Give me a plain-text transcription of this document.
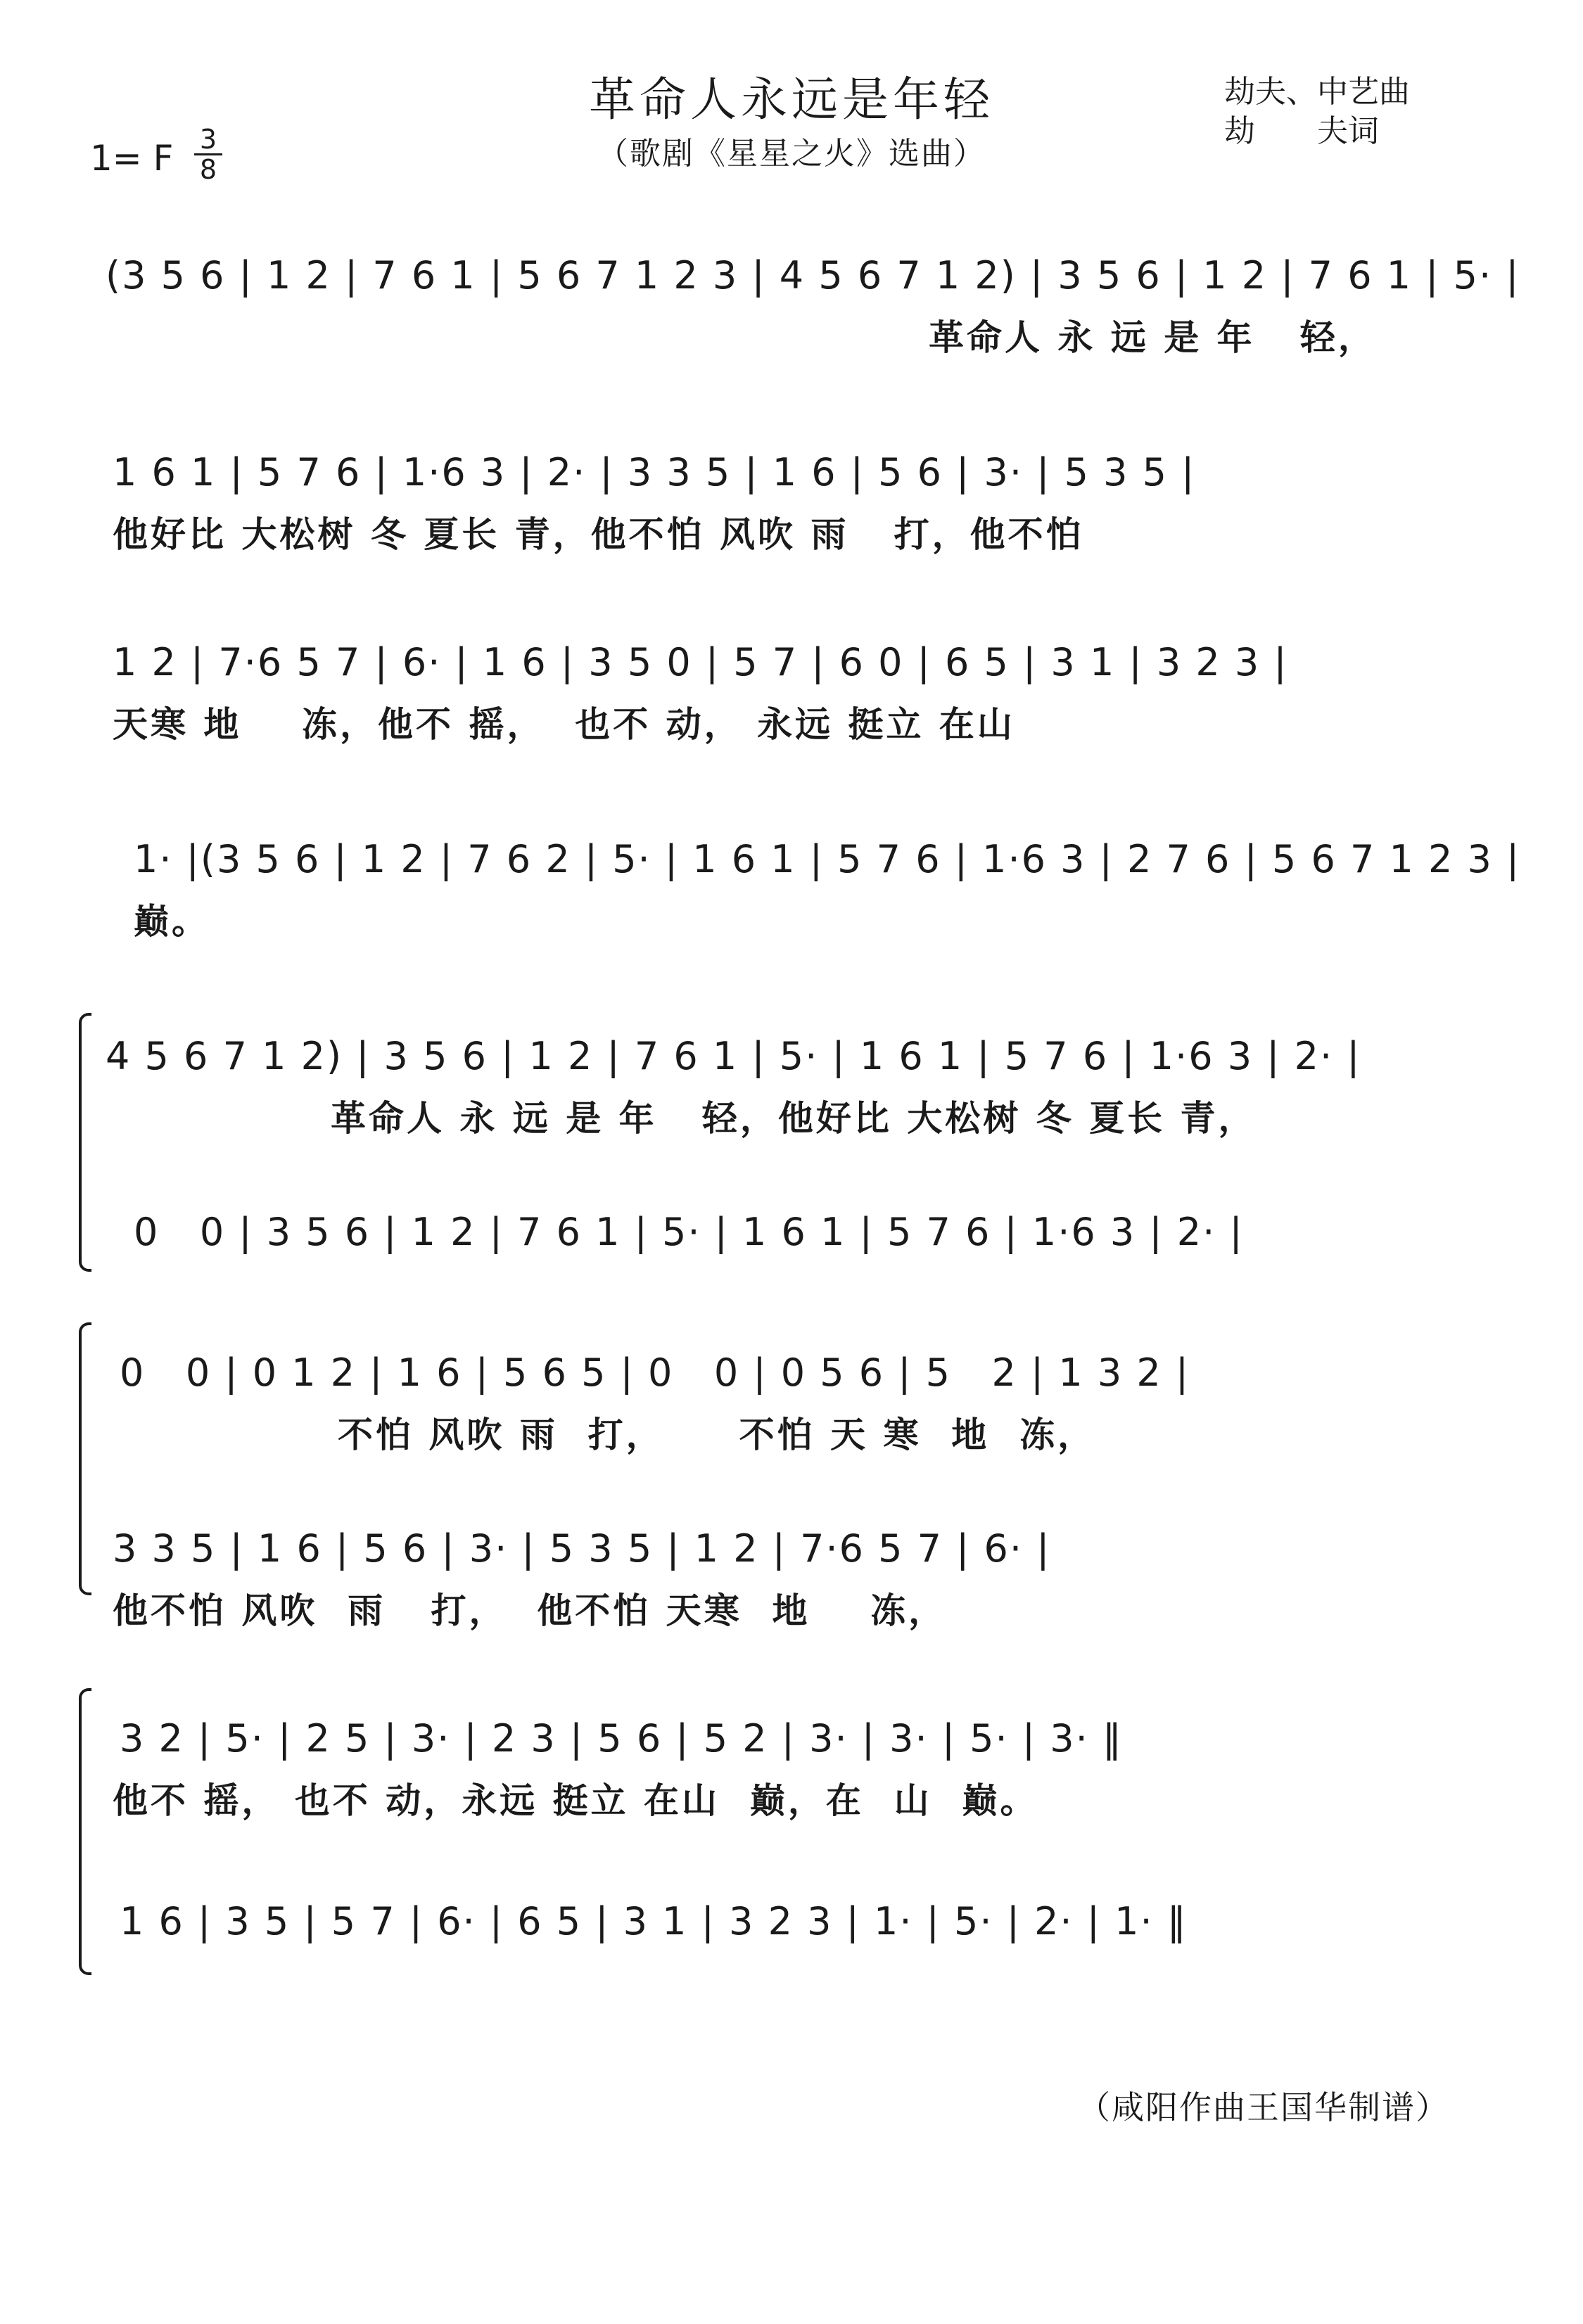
革命人永远是年轻
（歌剧《星星之火》选曲）
劫夫、中艺曲
劫　　夫词
1= F $\frac{3}{8}$
(3 5 6 | 1 2 | 7 6 1 | 5 6 7 1 2 3 | 4 5 6 7 1 2) | 3 5 6 | 1 2 | 7 6 1 | 5· |
革命人 永 远 是 年   轻，
1 6 1 | 5 7 6 | 1·6 3 | 2· | 3 3 5 | 1 6 | 5 6 | 3· | 5 3 5 |
他好比 大松树 冬 夏长 青，他不怕 风吹 雨   打，他不怕
1 2 | 7·6 5 7 | 6· | 1 6 | 3 5 0 | 5 7 | 6 0 | 6 5 | 3 1 | 3 2 3 |
天寒 地    冻，他不 摇，  也不 动， 永远 挺立 在山
1· |(3 5 6 | 1 2 | 7 6 2 | 5· | 1 6 1 | 5 7 6 | 1·6 3 | 2 7 6 | 5 6 7 1 2 3 |
巅。
4 5 6 7 1 2) | 3 5 6 | 1 2 | 7 6 1 | 5· | 1 6 1 | 5 7 6 | 1·6 3 | 2· |
革命人 永 远 是 年   轻，他好比 大松树 冬 夏长 青，
0   0 | 3 5 6 | 1 2 | 7 6 1 | 5· | 1 6 1 | 5 7 6 | 1·6 3 | 2· |
0   0 | 0 1 2 | 1 6 | 5 6 5 | 0   0 | 0 5 6 | 5   2 | 1 3 2 |
不怕 风吹 雨  打，     不怕 天 寒  地  冻，
3 3 5 | 1 6 | 5 6 | 3· | 5 3 5 | 1 2 | 7·6 5 7 | 6· |
他不怕 风吹  雨   打，  他不怕 天寒  地    冻，
3 2 | 5· | 2 5 | 3· | 2 3 | 5 6 | 5 2 | 3· | 3· | 5· | 3· ‖
他不 摇， 也不 动，永远 挺立 在山  巅，在  山  巅。
1 6 | 3 5 | 5 7 | 6· | 6 5 | 3 1 | 3 2 3 | 1· | 5· | 2· | 1· ‖
（咸阳作曲王国华制谱）
